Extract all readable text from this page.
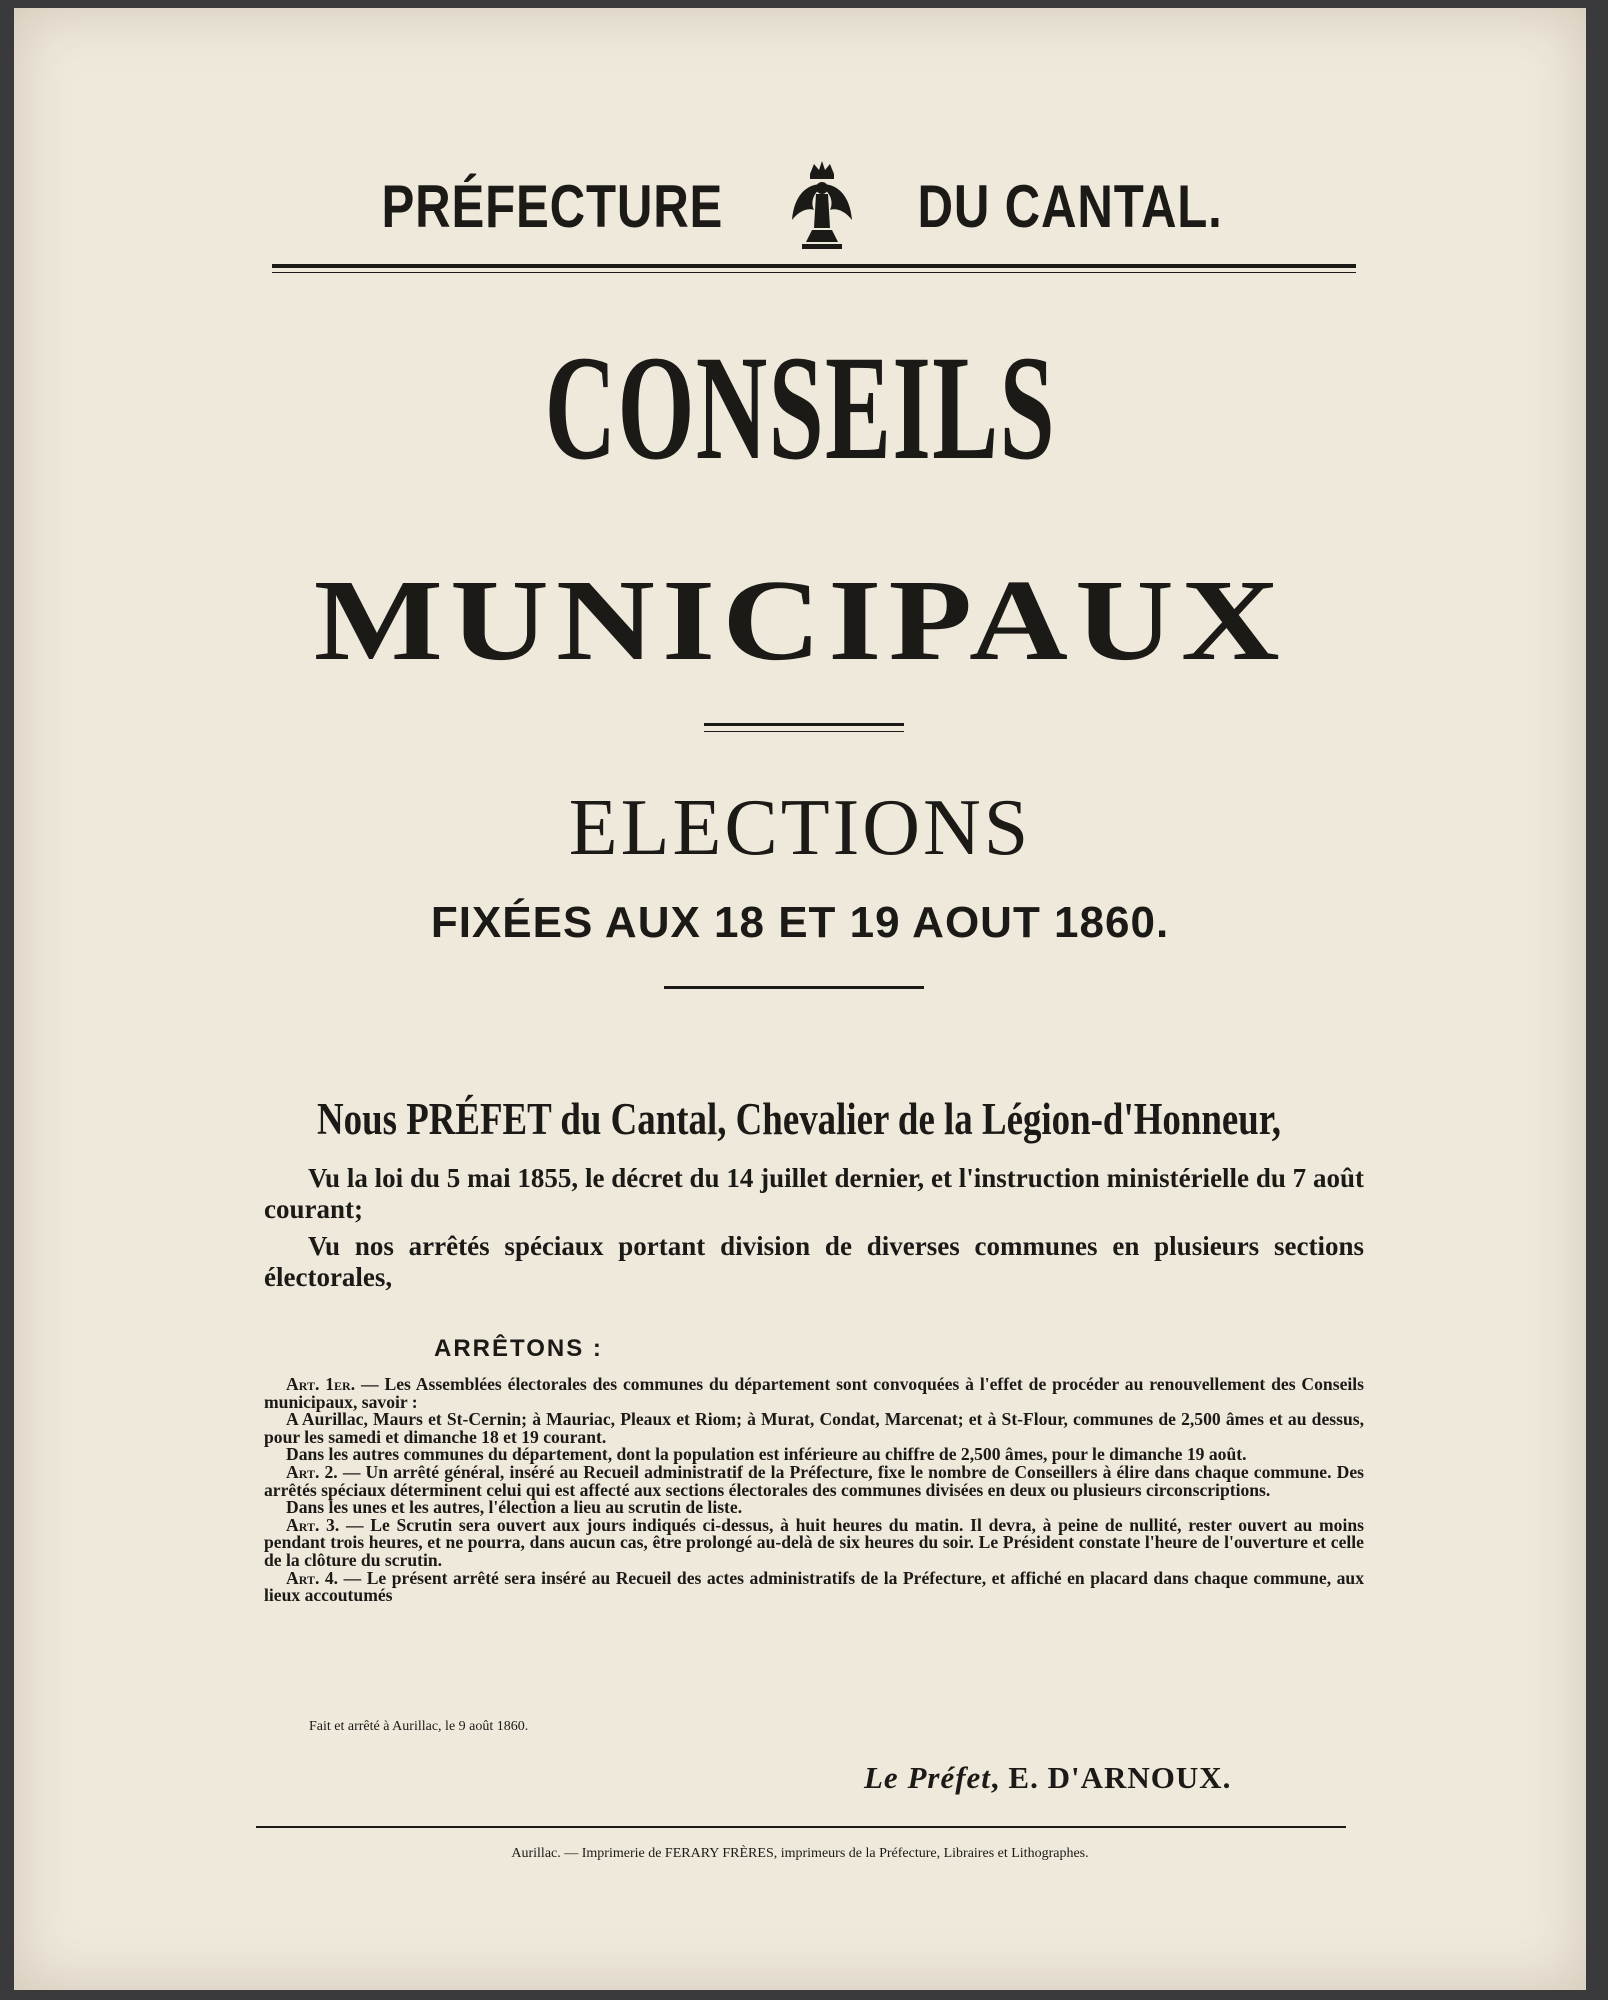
PRÉFECTURE	DU CANTAL.
CONSEILS
MUNICIPAUX
ELECTIONS
FIXÉES AUX 18 ET 19 AOUT 1860.
Nous PRÉFET du Cantal, Chevalier de la Légion-d'Honneur,

Vu la loi du 5 mai 1855, le décret du 14 juillet dernier, et l'instruction ministérielle du 7 août courant;

Vu nos arrêtés spéciaux portant division de diverses communes en plusieurs sections électorales,

ARRÊTONS :

Art. 1er. — Les Assemblées électorales des communes du département sont convoquées à l'effet de procéder au renouvellement des Conseils municipaux, savoir :

A Aurillac, Maurs et St-Cernin; à Mauriac, Pleaux et Riom; à Murat, Condat, Marcenat; et à St-Flour, communes de 2,500 âmes et au dessus, pour les samedi et dimanche 18 et 19 courant.

Dans les autres communes du département, dont la population est inférieure au chiffre de 2,500 âmes, pour le dimanche 19 août.

Art. 2. — Un arrêté général, inséré au Recueil administratif de la Préfecture, fixe le nombre de Conseillers à élire dans chaque commune. Des arrêtés spéciaux déterminent celui qui est affecté aux sections électorales des communes divisées en deux ou plusieurs circonscriptions.

Dans les unes et les autres, l'élection a lieu au scrutin de liste.

Art. 3. — Le Scrutin sera ouvert aux jours indiqués ci-dessus, à huit heures du matin. Il devra, à peine de nullité, rester ouvert au moins pendant trois heures, et ne pourra, dans aucun cas, être prolongé au-delà de six heures du soir. Le Président constate l'heure de l'ouverture et celle de la clôture du scrutin.

Art. 4. — Le présent arrêté sera inséré au Recueil des actes administratifs de la Préfecture, et affiché en placard dans chaque commune, aux lieux accoutumés

Fait et arrêté à Aurillac, le 9 août 1860.
Le Préfet, E. D'ARNOUX.
Aurillac. — Imprimerie de FERARY FRÈRES, imprimeurs de la Préfecture, Libraires et Lithographes.
